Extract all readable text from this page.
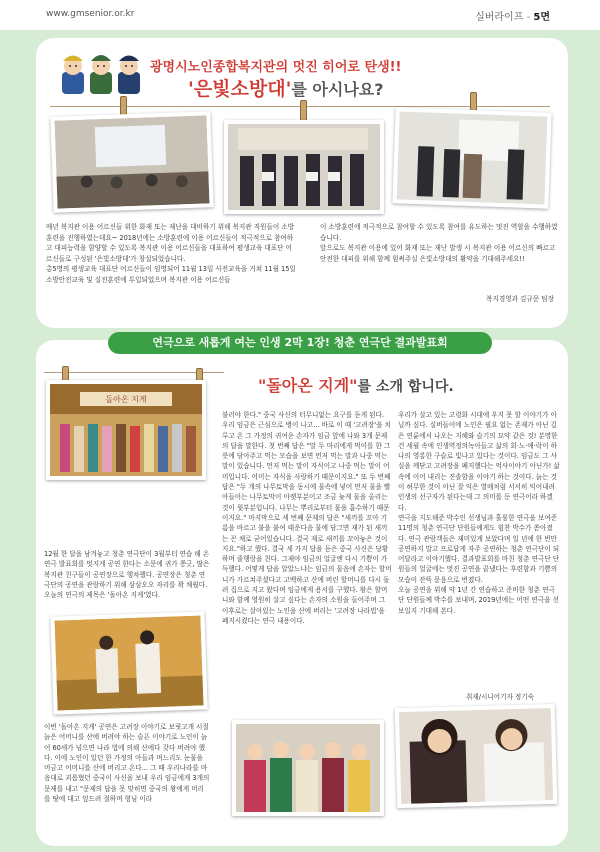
www.gmsenior.or.kr	실버라이프 - 5면
광명시노인종합복지관의 멋진 히어로 탄생!!
'은빛소방대'를 아시나요?
매년 복지관 이용 어르신들 위한 화재 또는 재난을 대비하기 위해 복지관 직원들이 소방훈련을 진행하였는데요~ 2018년에는 소방훈련에 이용 어르신들이 적극적으로 참여하고 대피능력을 함양할 수 있도록 복지관 이용 어르신들을 대표하여 평생교육 대표단 어르신들로 구성된 '은빛소방대'가 창설되었습니다.
총5명의 평생교육 대표단 어르신들이 임명되어 11월 13일 사전교육을 거쳐 11월 15일 소방안전교육 및 실전훈련에 투입되었으며 복지관 이용 어르신들
이 소방훈련에 적극적으로 참여할 수 있도록 참여를 유도하는 멋진 역할을 수행하였습니다.
앞으로도 복지관 이용에 있어 화재 또는 재난 발생 시 복지관 이용 어르신의 빠르고 안전한 대피를 위해 함께 힘써주실 은빛소방대의 활약을 기대해주세요!!
복지경영과 김규문 팀장
연극으로 새롭게 여는 인생 2막 1장! 청춘 연극단 결과발표회
"돌아온 지게"를 소개 합니다.
돌아온 지게
12월 한 달을 남겨놓고 청춘 연극단이 3월부터 연습 해 온 연극 발표회를 멋지게 공연 한다는 소문에 귀가 쫑긋, 많은 복지관 친구들이 공연장으로 행차했다. 공연장은 청춘 연극단의 공연을 관람하기 위해 삼삼오오 자리를 꽉 채웠다. 오늘의 연극의 제목은 '돌아온 지게'였다.
이번 '돌아온 지게' 공연은 고려장 이야기로 보릿고개 시절 늙은 어머니를 산에 버려야 하는 슬픈 이야기로 노인이 늙어 60세가 넘으면 나라 법에 의해 산에다 갖다 버려야 했다. 이에 노인이 있던 한 가정의 아들과 며느리도 눈물을 머금고 어머니를 산에 버리고 온다... 그 때 우리나라를 마음대로 괴롭혔던 중국이 사신을 보내 우리 임금에게 3개의 문제를 내고 "문제의 답을 못 맞히면 중국의 왕에게 머리를 땅에 대고 엎드려 절하며 형님 이라
불러야 한다." 중국 사신의 터무니없는 요구를 듣게 된다. 우리 임금은 근심으로 병이 나고... 바로 이 때 '고려장'을 치루고 온 그 가정의 귀여운 손자가 임금 앞에 나와 3개 문제의 답을 말한다. 첫 번째 답은 "말 두 마리에게 먹이를 한 그릇에 담아주고 먹는 모습을 보면 먼저 먹는 말과 나중 먹는 말이 있습니다. 먼저 먹는 말이 자식이고 나중 먹는 말이 어미입니다. 어미는 자식을 사랑하기 때문이지요." 또 두 번째 답은 "두 개의 나무토막을 동시에 물속에 넣어 먼저 물을 빨아들이는 나무토막이 아랫부분이고 조금 늦게 물을 올리는 것이 윗부분입니다. 나무는 뿌리로부터 물을 흡수하기 때문이지요." 마지막으로 세 번째 문제의 답은 "새끼를 꼬아 기름을 바르고 불을 붙여 태운다음 물에 담그면 재가 된 새끼는 꼰 채로 굳어있습니다. 결국 재로 새끼를 꼬아놓은 것이지요."하고 했다. 결국 세 가지 답을 듣은 중국 사신은 당황하며 줄행랑을 친다. 그제야 임금의 얼굴엔 다시 기쁨이 가득했다. 어떻게 답을 알았느냐는 임금의 물음에 손자는 할머니가 가르쳐주셨다고 고백하고 산에 버린 할머니를 다시 돌려 집으로 지고 왔다며 임금에게 용서를 구했다. 왕은 할머니와 함께 영원히 살고 싶다는 손자의 소원을 들어주며 그 이후로는 살아있는 노인을 산에 버리는 '고려장 나라법'을 폐지시켰다는 연극 내용이다.
우리가 살고 있는 고령화 시대에 우지 못 할 이야기가 아닐까 싶다. 실버들이에 노인은 필요 없는 존재가 아닌 깊은 연륜에서 나오는 지혜와 슬기의 묘약 같은 것! 분명한건 세월 속에 인생역정의녹아들고 삶의 회·노·애·락이 하나의 영롱한 구슬로 빛나고 있다는 것이다. 임금도 그 사실을 깨닫고 고려장을 폐지했다는 억사이야기 아닌가! 삶 속에 이어 내리는 진솔함을 이야기 하는 것이다. 늙는 것이 허무한 것이 아닌 잘 익은 열매처럼 서서히 익어내려 인생의 선구자가 된다는데 그 의미를 둔 연극이라 하겠다.
연극을 지도해준 박수인 선생님과 훌륭한 연극을 보여준 11명의 청춘 연극단 단원들에게도 힘찬 박수가 쏟아졌다. 연극 관람객들은 재미있게 보았다며 일 년에 한 번만 공연하지 말고 프로답게 자주 공연하는 청춘 연극단이 되어달라고 이야기했다. 결과발표회를 마친 청춘 연극단 단원들의 얼굴에는 멋진 공연을 끝냈다는 후련함과 기쁨의 모습이 잔뜩 묻음으로 번졌다.
오늘 공연을 위해 약 1년 간 연습하고 준비한 청춘 연극단 단원들께 박수를 보내며, 2019년에는 어떤 연극을 선보일지 기대해 본다.
취재/시니어기자 정기숙
